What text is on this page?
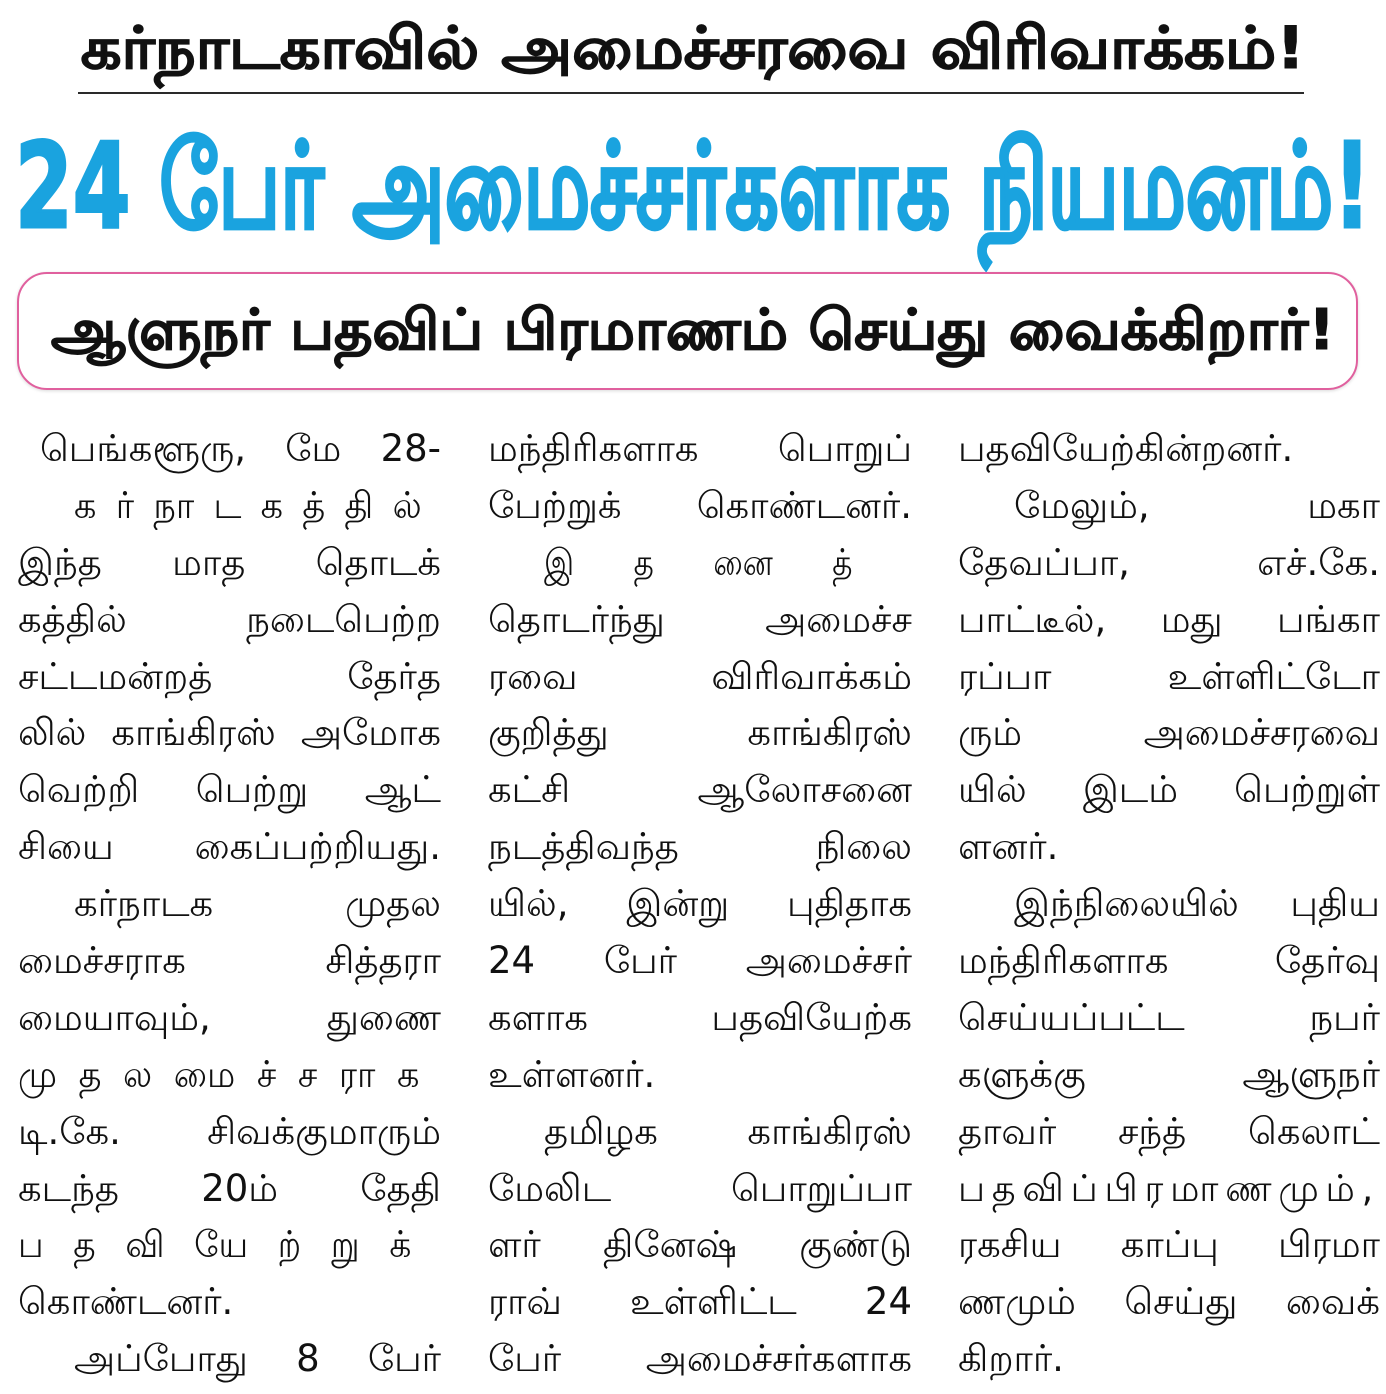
கர்நாடகாவில் அமைச்சரவை விரிவாக்கம்!
24 பேர் அமைச்சர்களாக நியமனம்!
ஆளுநர் பதவிப் பிரமாணம் செய்து வைக்கிறார்!
பெங்களூரு, மே 28-
கர்நாடகத்தில்
இந்த மாத தொடக்
கத்தில் நடைபெற்ற
சட்டமன்றத் தேர்த
லில் காங்கிரஸ் அமோக
வெற்றி பெற்று ஆட்
சியை கைப்பற்றியது.
கர்நாடக முதல
மைச்சராக சித்தரா
மையாவும், துணை
முதலமைச்சராக
டி.கே. சிவக்குமாரும்
கடந்த 20ம் தேதி
பதவியேற்றுக்
கொண்டனர்.
அப்போது 8 பேர்
மந்திரிகளாக பொறுப்
பேற்றுக் கொண்டனர்.
இதனைத்
தொடர்ந்து அமைச்ச
ரவை விரிவாக்கம்
குறித்து காங்கிரஸ்
கட்சி ஆலோசனை
நடத்திவந்த நிலை
யில், இன்று புதிதாக
24 பேர் அமைச்சர்
களாக பதவியேற்க
உள்ளனர்.
தமிழக காங்கிரஸ்
மேலிட பொறுப்பா
ளர் தினேஷ் குண்டு
ராவ் உள்ளிட்ட 24
பேர் அமைச்சர்களாக
பதவியேற்கின்றனர்.
மேலும், மகா
தேவப்பா, எச்.கே.
பாட்டீல், மது பங்கா
ரப்பா உள்ளிட்டோ
ரும் அமைச்சரவை
யில் இடம் பெற்றுள்
ளனர்.
இந்நிலையில் புதிய
மந்திரிகளாக தேர்வு
செய்யப்பட்ட நபர்
களுக்கு ஆளுநர்
தாவர் சந்த் கெலாட்
பதவிப்பிரமாணமும்,
ரகசிய காப்பு பிரமா
ணமும் செய்து வைக்
கிறார்.
